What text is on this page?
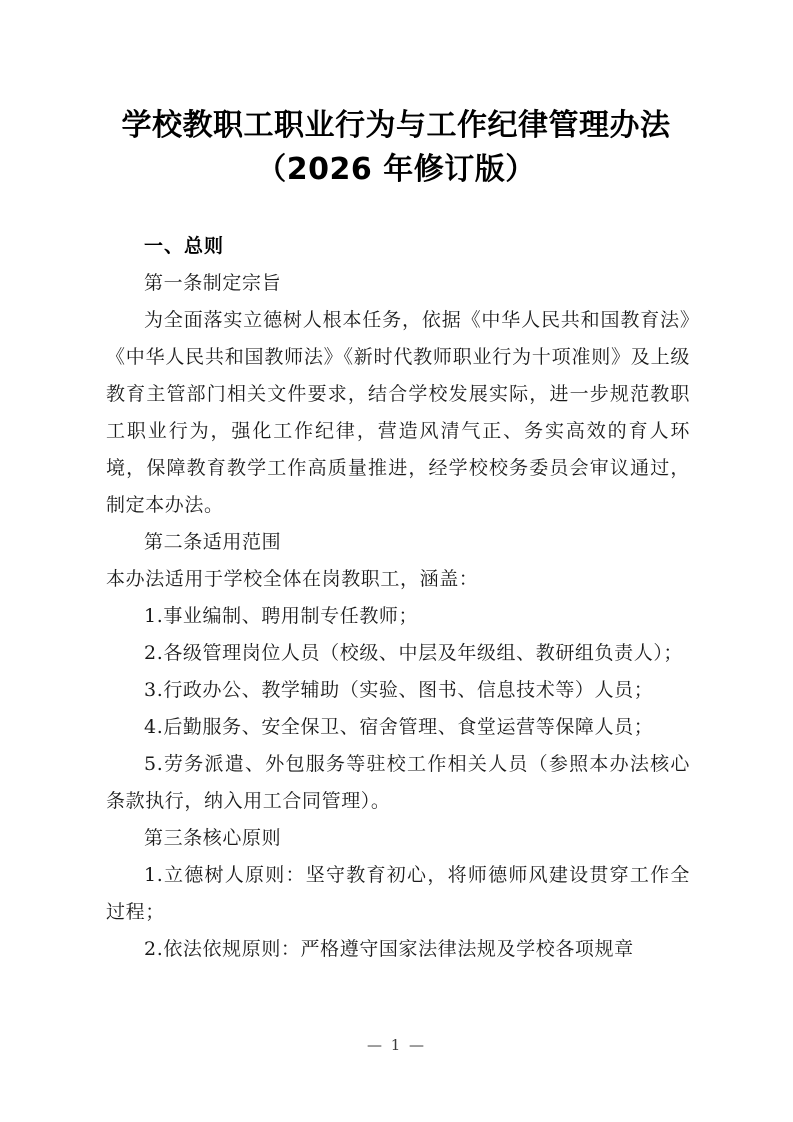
学校教职工职业行为与工作纪律管理办法
（2026 年修订版）

一、总则

第一条制定宗旨

为全面落实立德树人根本任务，依据《中华人民共和国教育法》《中华人民共和国教师法》《新时代教师职业行为十项准则》及上级教育主管部门相关文件要求，结合学校发展实际，进一步规范教职工职业行为，强化工作纪律，营造风清气正、务实高效的育人环境，保障教育教学工作高质量推进，经学校校务委员会审议通过，制定本办法。

第二条适用范围

本办法适用于学校全体在岗教职工，涵盖：

1.事业编制、聘用制专任教师；

2.各级管理岗位人员（校级、中层及年级组、教研组负责人）；

3.行政办公、教学辅助（实验、图书、信息技术等）人员；

4.后勤服务、安全保卫、宿舍管理、食堂运营等保障人员；

5.劳务派遣、外包服务等驻校工作相关人员（参照本办法核心条款执行，纳入用工合同管理）。

第三条核心原则

1.立德树人原则：坚守教育初心，将师德师风建设贯穿工作全过程；

2.依法依规原则：严格遵守国家法律法规及学校各项规章

— 1 —
